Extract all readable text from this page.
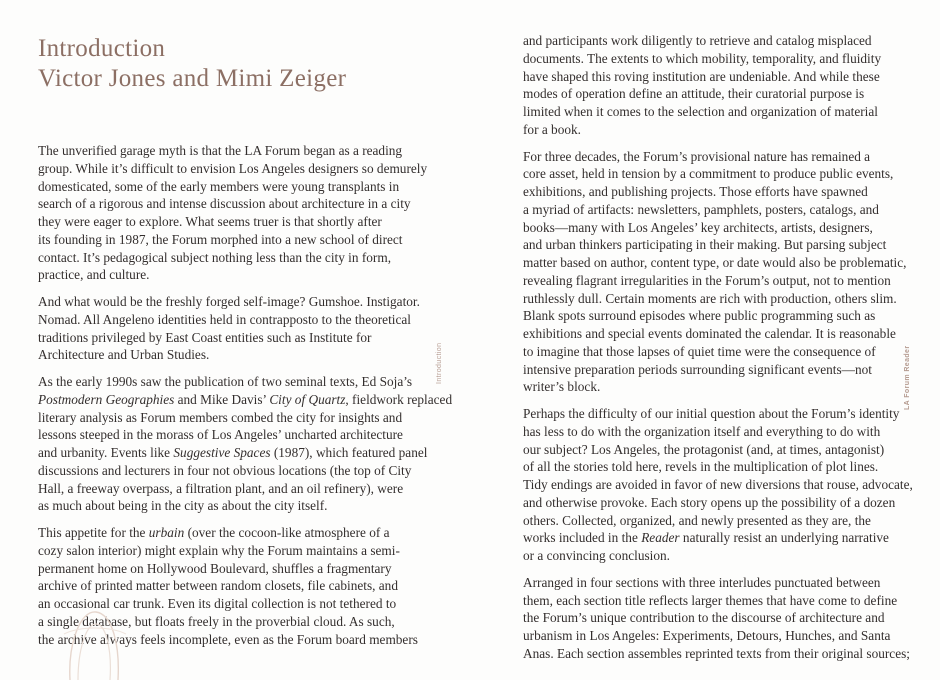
Introduction
Victor Jones and Mimi Zeiger

The unverified garage myth is that the LA Forum began as a reading
group. While it’s difficult to envision Los Angeles designers so demurely
domesticated, some of the early members were young transplants in
search of a rigorous and intense discussion about architecture in a city
they were eager to explore. What seems truer is that shortly after
its founding in 1987, the Forum morphed into a new school of direct
contact. It’s pedagogical subject nothing less than the city in form,
practice, and culture.

And what would be the freshly forged self-image? Gumshoe. Instigator.
Nomad. All Angeleno identities held in contrapposto to the theoretical
traditions privileged by East Coast entities such as Institute for
Architecture and Urban Studies.

As the early 1990s saw the publication of two seminal texts, Ed Soja’s
Postmodern Geographies and Mike Davis’ City of Quartz, fieldwork replaced
literary analysis as Forum members combed the city for insights and
lessons steeped in the morass of Los Angeles’ uncharted architecture
and urbanity. Events like Suggestive Spaces (1987), which featured panel
discussions and lecturers in four not obvious locations (the top of City
Hall, a freeway overpass, a filtration plant, and an oil refinery), were
as much about being in the city as about the city itself.

This appetite for the urbain (over the cocoon-like atmosphere of a
cozy salon interior) might explain why the Forum maintains a semi-
permanent home on Hollywood Boulevard, shuffles a fragmentary
archive of printed matter between random closets, file cabinets, and
an occasional car trunk. Even its digital collection is not tethered to
a single database, but floats freely in the proverbial cloud. As such,
the archive always feels incomplete, even as the Forum board members

Introduction

and participants work diligently to retrieve and catalog misplaced
documents. The extents to which mobility, temporality, and fluidity
have shaped this roving institution are undeniable. And while these
modes of operation define an attitude, their curatorial purpose is
limited when it comes to the selection and organization of material
for a book.

For three decades, the Forum’s provisional nature has remained a
core asset, held in tension by a commitment to produce public events,
exhibitions, and publishing projects. Those efforts have spawned
a myriad of artifacts: newsletters, pamphlets, posters, catalogs, and
books—many with Los Angeles’ key architects, artists, designers,
and urban thinkers participating in their making. But parsing subject
matter based on author, content type, or date would also be problematic,
revealing flagrant irregularities in the Forum’s output, not to mention
ruthlessly dull. Certain moments are rich with production, others slim.
Blank spots surround episodes where public programming such as
exhibitions and special events dominated the calendar. It is reasonable
to imagine that those lapses of quiet time were the consequence of
intensive preparation periods surrounding significant events—not
writer’s block.

Perhaps the difficulty of our initial question about the Forum’s identity
has less to do with the organization itself and everything to do with
our subject? Los Angeles, the protagonist (and, at times, antagonist)
of all the stories told here, revels in the multiplication of plot lines.
Tidy endings are avoided in favor of new diversions that rouse, advocate,
and otherwise provoke. Each story opens up the possibility of a dozen
others. Collected, organized, and newly presented as they are, the
works included in the Reader naturally resist an underlying narrative
or a convincing conclusion.

Arranged in four sections with three interludes punctuated between
them, each section title reflects larger themes that have come to define
the Forum’s unique contribution to the discourse of architecture and
urbanism in Los Angeles: Experiments, Detours, Hunches, and Santa
Anas. Each section assembles reprinted texts from their original sources;

LA Forum Reader
